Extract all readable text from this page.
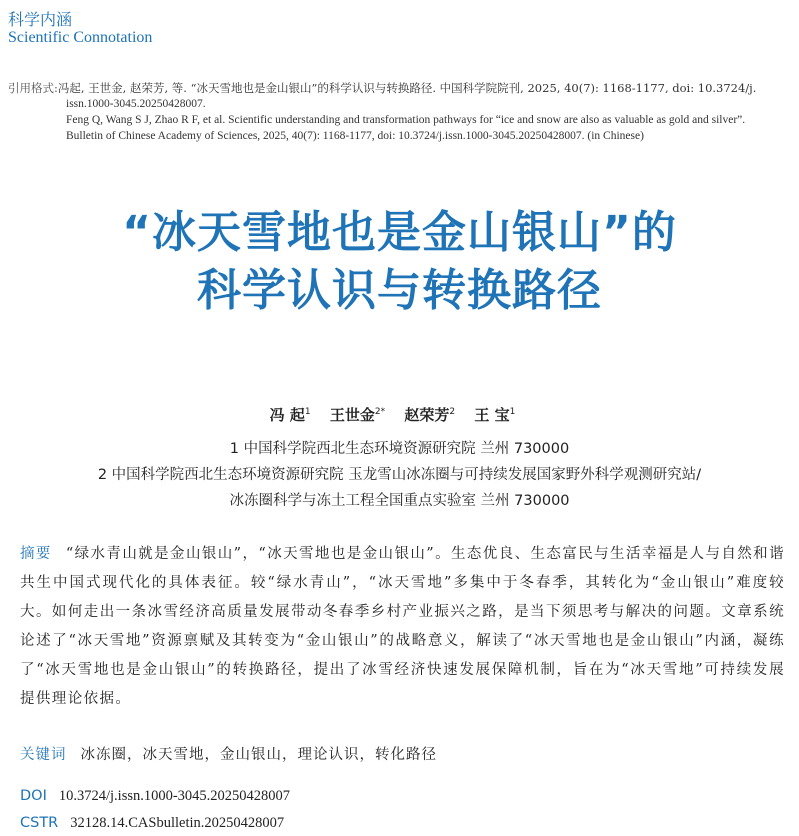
科学内涵
Scientific Connotation
引用格式:冯起, 王世金, 赵荣芳, 等. “冰天雪地也是金山银山”的科学认识与转换路径. 中国科学院院刊, 2025, 40(7): 1168-1177, doi: 10.3724/j.
issn.1000-3045.20250428007.
Feng Q, Wang S J, Zhao R F, et al. Scientific understanding and transformation pathways for “ice and snow are also as valuable as gold and silver”.
Bulletin of Chinese Academy of Sciences, 2025, 40(7): 1168-1177, doi: 10.3724/j.issn.1000-3045.20250428007. (in Chinese)
“冰天雪地也是金山银山”的
科学认识与转换路径
冯 起$^1$ 王世金$^{2*}$ 赵荣芳$^2$ 王 宝$^1$
1 中国科学院西北生态环境资源研究院 兰州 730000
2 中国科学院西北生态环境资源研究院 玉龙雪山冰冻圈与可持续发展国家野外科学观测研究站/
冰冻圈科学与冻土工程全国重点实验室 兰州 730000
摘要 “绿水青山就是金山银山”，“冰天雪地也是金山银山”。生态优良、生态富民与生活幸福是人与自然和谐共生中国式现代化的具体表征。较“绿水青山”，“冰天雪地”多集中于冬春季，其转化为“金山银山”难度较大。如何走出一条冰雪经济高质量发展带动冬春季乡村产业振兴之路，是当下须思考与解决的问题。文章系统论述了“冰天雪地”资源禀赋及其转变为“金山银山”的战略意义，解读了“冰天雪地也是金山银山”内涵，凝练了“冰天雪地也是金山银山”的转换路径，提出了冰雪经济快速发展保障机制，旨在为“冰天雪地”可持续发展提供理论依据。
关键词 冰冻圈，冰天雪地，金山银山，理论认识，转化路径
DOI 10.3724/j.issn.1000-3045.20250428007
CSTR 32128.14.CASbulletin.20250428007
